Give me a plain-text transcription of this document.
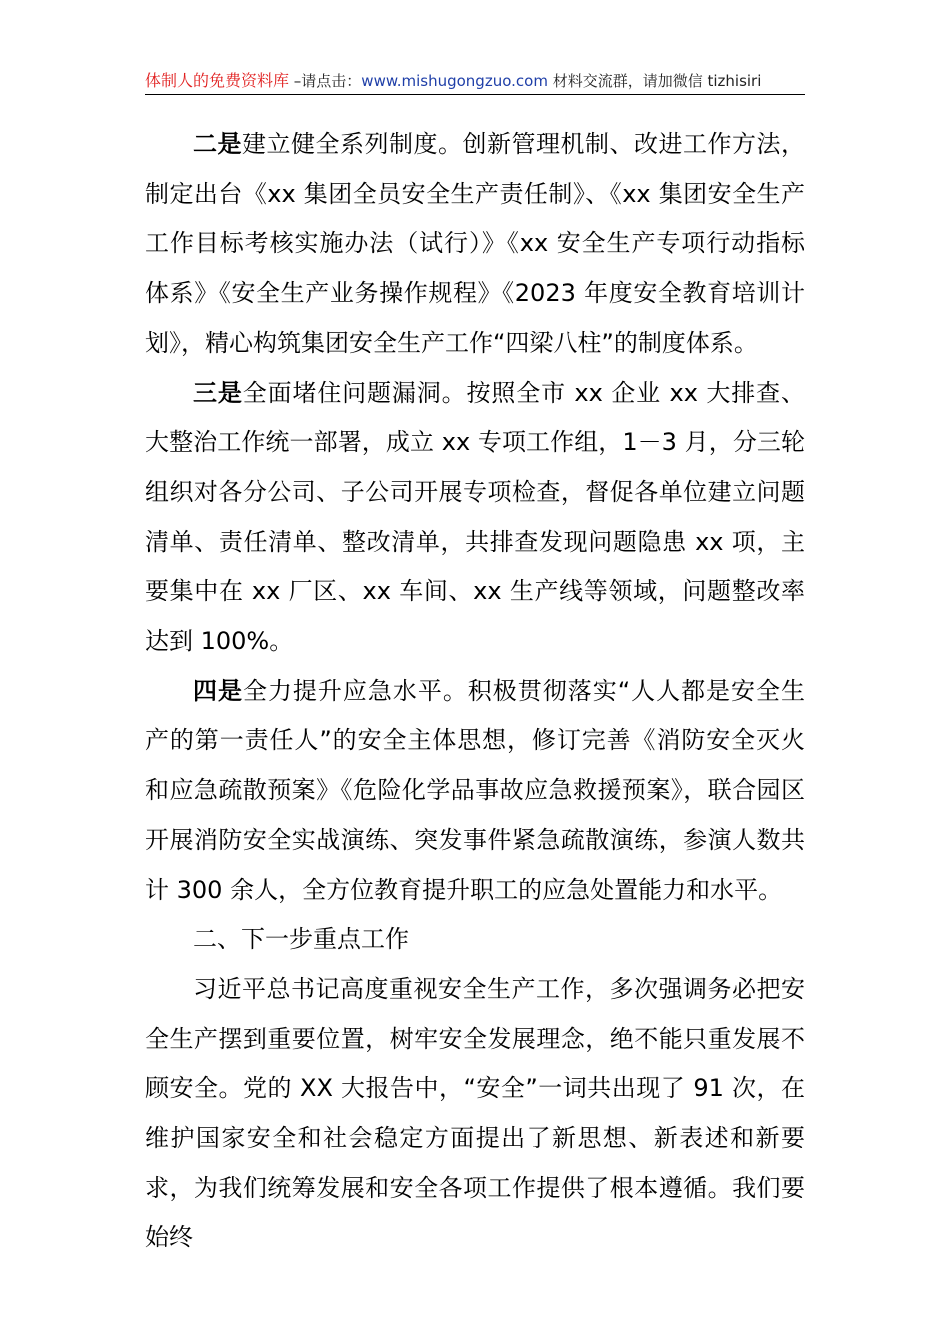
体制人的免费资料库 –请点击：www.mishugongzuo.com 材料交流群，请加微信 tizhisiri

二是建立健全系列制度。创新管理机制、改进工作方法，制定出台《xx 集团全员安全生产责任制》、《xx 集团安全生产工作目标考核实施办法（试行）》《xx 安全生产专项行动指标体系》《安全生产业务操作规程》《2023 年度安全教育培训计划》，精心构筑集团安全生产工作“四梁八柱”的制度体系。

三是全面堵住问题漏洞。按照全市 xx 企业 xx 大排查、大整治工作统一部署，成立 xx 专项工作组，1－3 月，分三轮组织对各分公司、子公司开展专项检查，督促各单位建立问题清单、责任清单、整改清单，共排查发现问题隐患 xx 项，主要集中在 xx 厂区、xx 车间、xx 生产线等领域，问题整改率达到 100%。

四是全力提升应急水平。积极贯彻落实“人人都是安全生产的第一责任人”的安全主体思想，修订完善《消防安全灭火和应急疏散预案》《危险化学品事故应急救援预案》，联合园区开展消防安全实战演练、突发事件紧急疏散演练，参演人数共计 300 余人，全方位教育提升职工的应急处置能力和水平。

二、下一步重点工作

习近平总书记高度重视安全生产工作，多次强调务必把安全生产摆到重要位置，树牢安全发展理念，绝不能只重发展不顾安全。党的 XX 大报告中，“安全”一词共出现了 91 次，在维护国家安全和社会稳定方面提出了新思想、新表述和新要求，为我们统筹发展和安全各项工作提供了根本遵循。我们要始终
